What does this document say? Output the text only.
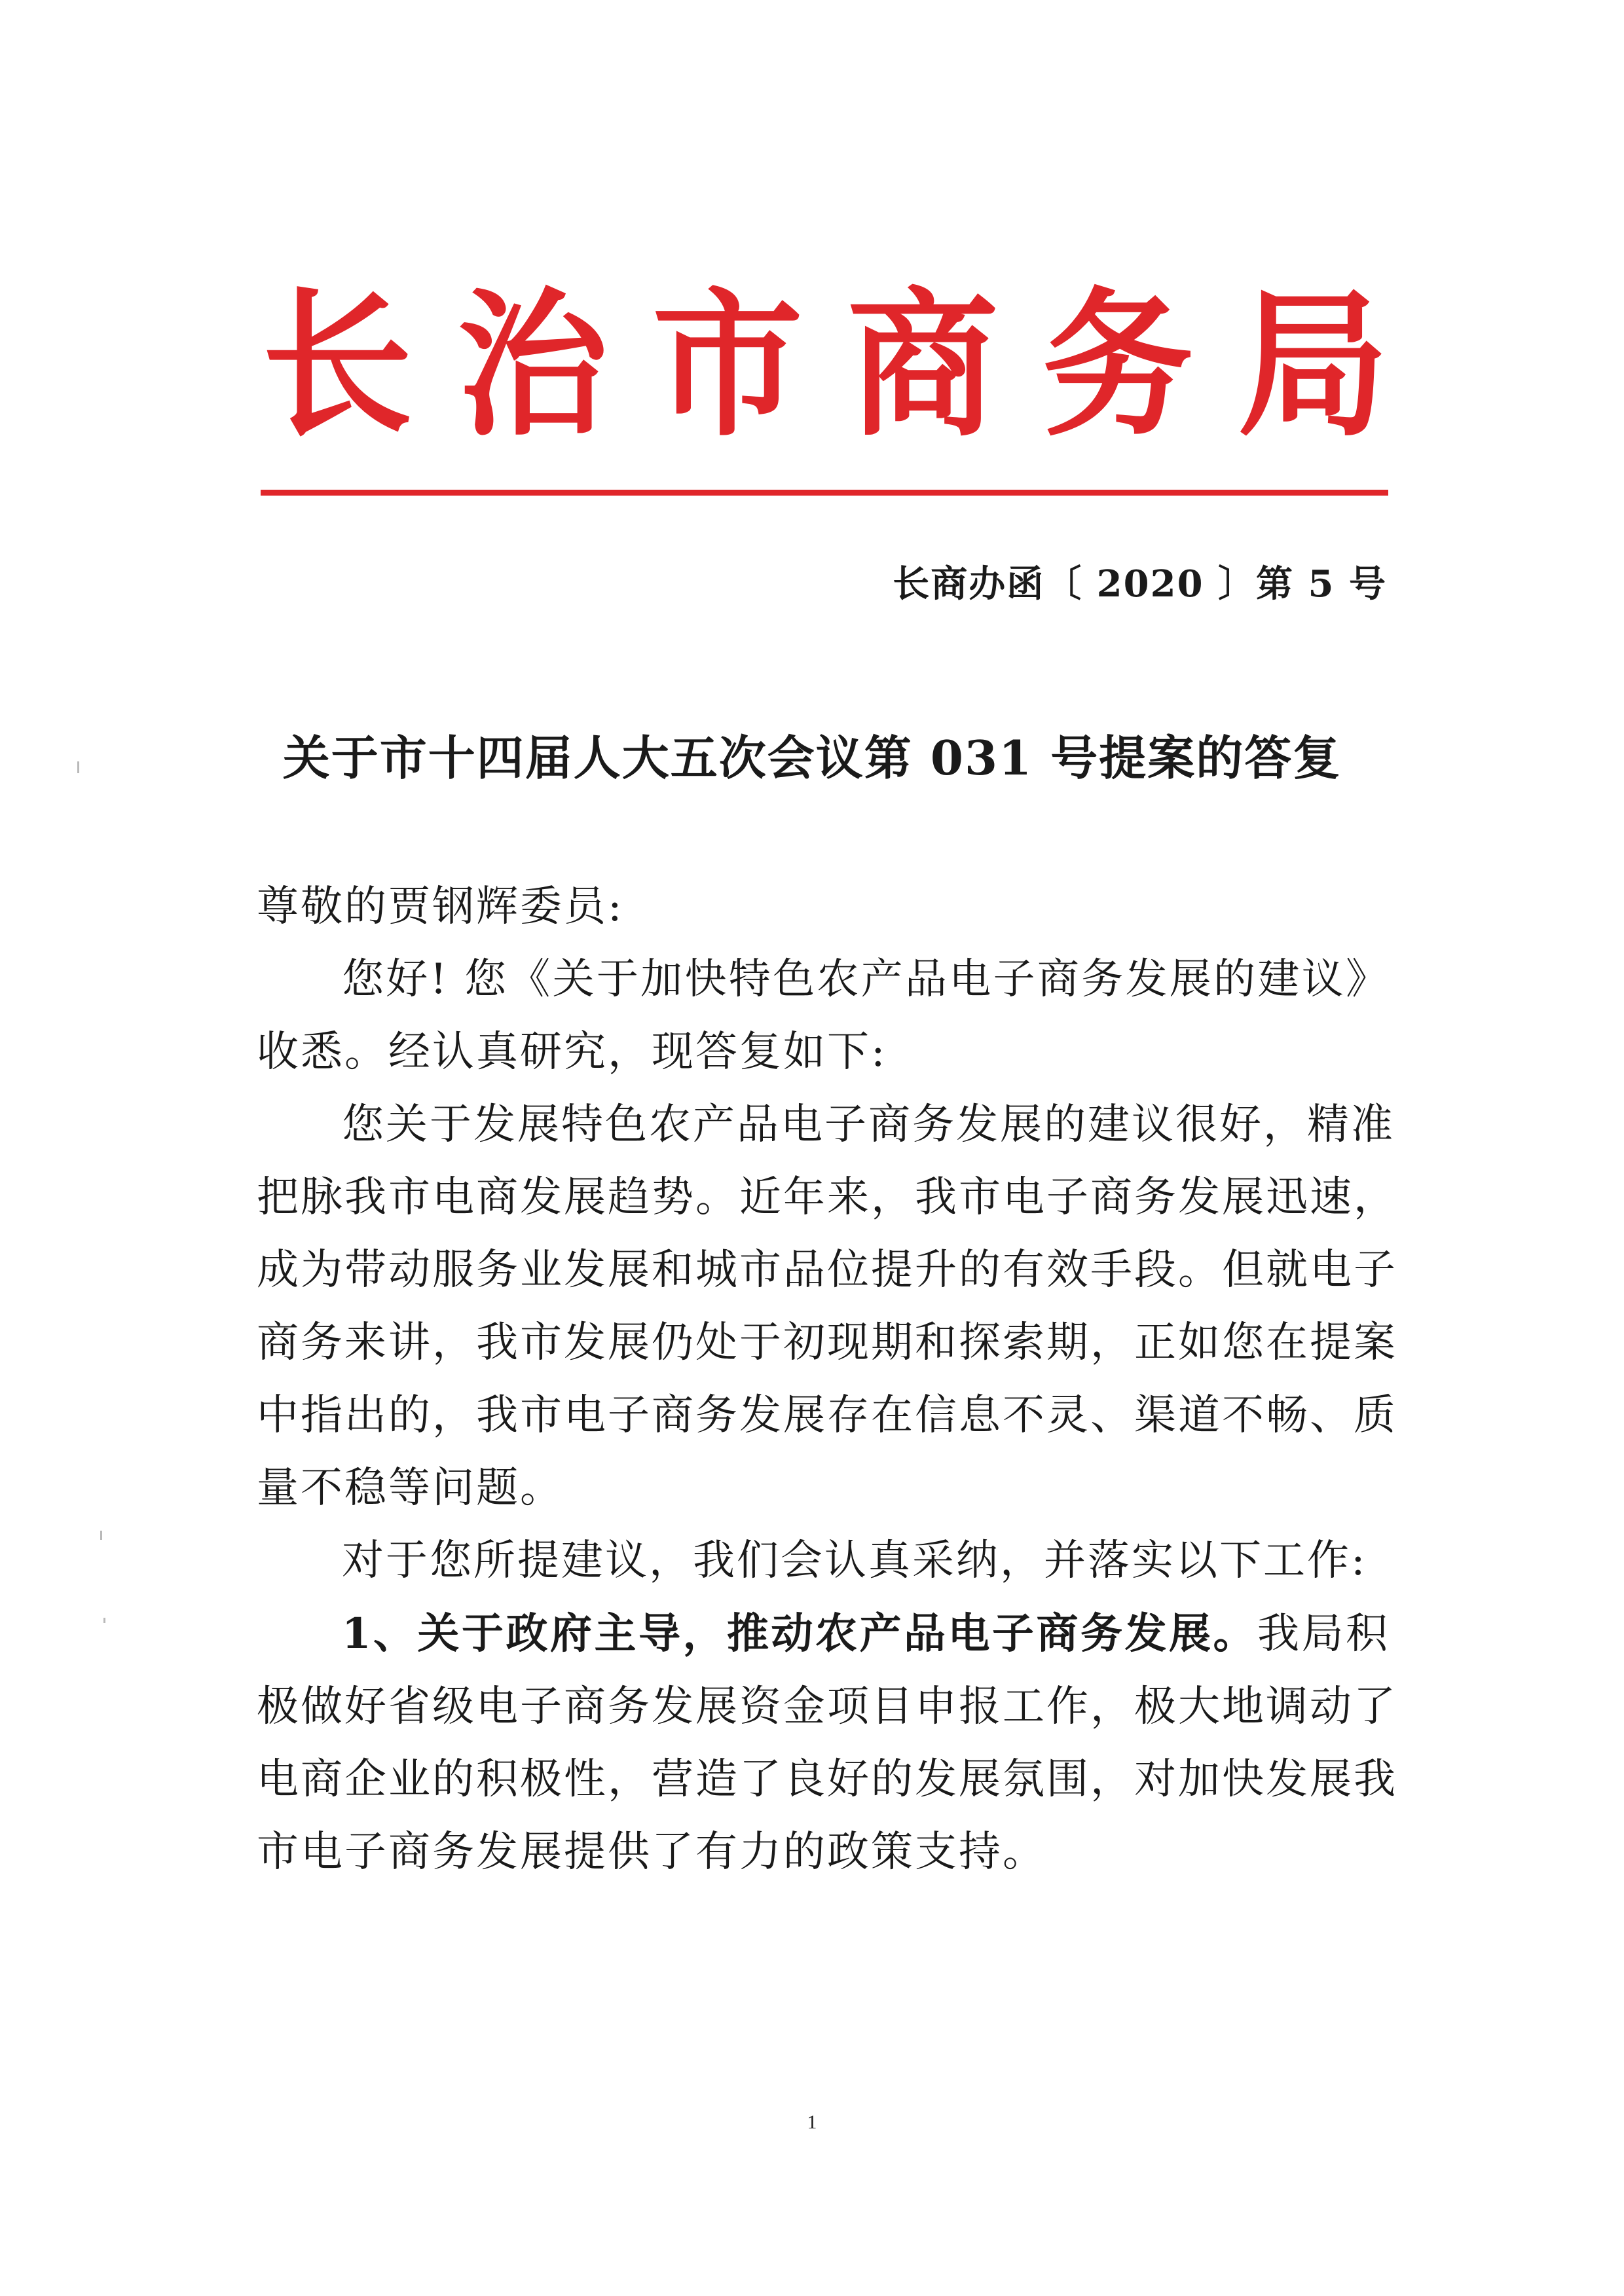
长 治 市 商 务 局
长商办函〔 2020 〕第 5 号
关于市十四届人大五次会议第 031 号提案的答复
尊敬的贾钢辉委员:
您好! 您《关于加快特色农产品电子商务发展的建议》
收悉。经认真研究，现答复如下:
您关于发展特色农产品电子商务发展的建议很好，精准
把脉我市电商发展趋势。近年来，我市电子商务发展迅速，
成为带动服务业发展和城市品位提升的有效手段。但就电子
商务来讲，我市发展仍处于初现期和探索期，正如您在提案
中指出的，我市电子商务发展存在信息不灵、渠道不畅、质
量不稳等问题。
对于您所提建议，我们会认真采纳，并落实以下工作:
1、关于政府主导，推动农产品电子商务发展。我局积
极做好省级电子商务发展资金项目申报工作，极大地调动了
电商企业的积极性，营造了良好的发展氛围，对加快发展我
市电子商务发展提供了有力的政策支持。
1
